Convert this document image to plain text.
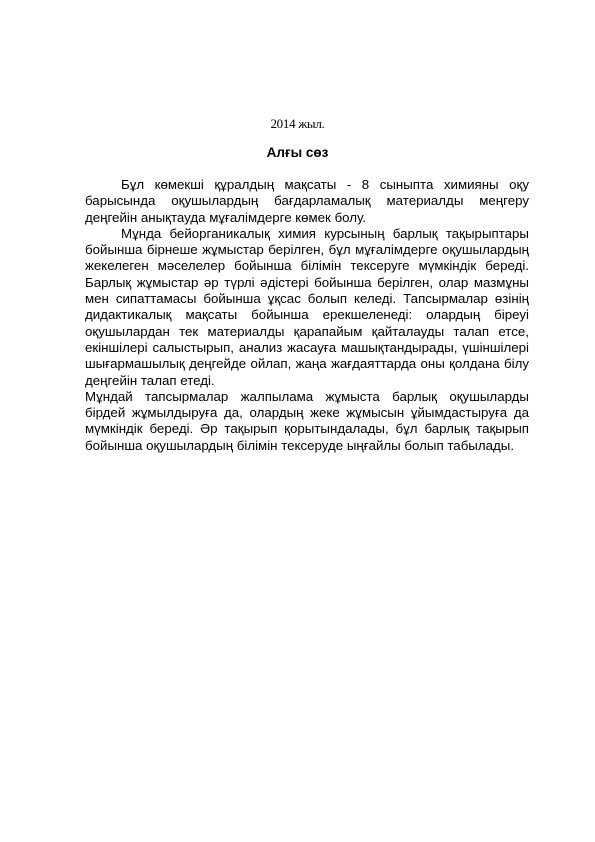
2014 жыл.
Алғы сөз

Бұл көмекші құралдың мақсаты - 8 сыныпта химияны оқу барысында оқушылардың бағдарламалық материалды меңгеру деңгейін анықтауда мұғалімдерге көмек болу.

Мұнда бейорганикалық химия курсының барлық тақырыптары бойынша бірнеше жұмыстар берілген, бұл мұғалімдерге оқушылардың жекелеген мәселелер бойынша білімін тексеруге мүмкіндік береді. Барлық жұмыстар әр түрлі әдістері бойынша берілген, олар мазмұны мен сипаттамасы бойынша ұқсас болып келеді. Тапсырмалар өзінің дидактикалық мақсаты бойынша ерекшеленеді: олардың біреуі оқушылардан тек материалды қарапайым қайталауды талап етсе, екіншілері салыстырып, анализ жасауға машықтандырады, үшіншілері шығармашылық деңгейде ойлап, жаңа жағдаяттарда оны қолдана білу деңгейін талап етеді.

Мұндай тапсырмалар жалпылама жұмыста барлық оқушыларды бірдей жұмылдыруға да, олардың жеке жұмысын ұйымдастыруға да мүмкіндік береді. Әр тақырып қорытындалады, бұл барлық тақырып бойынша оқушылардың білімін тексеруде ыңғайлы болып табылады.
